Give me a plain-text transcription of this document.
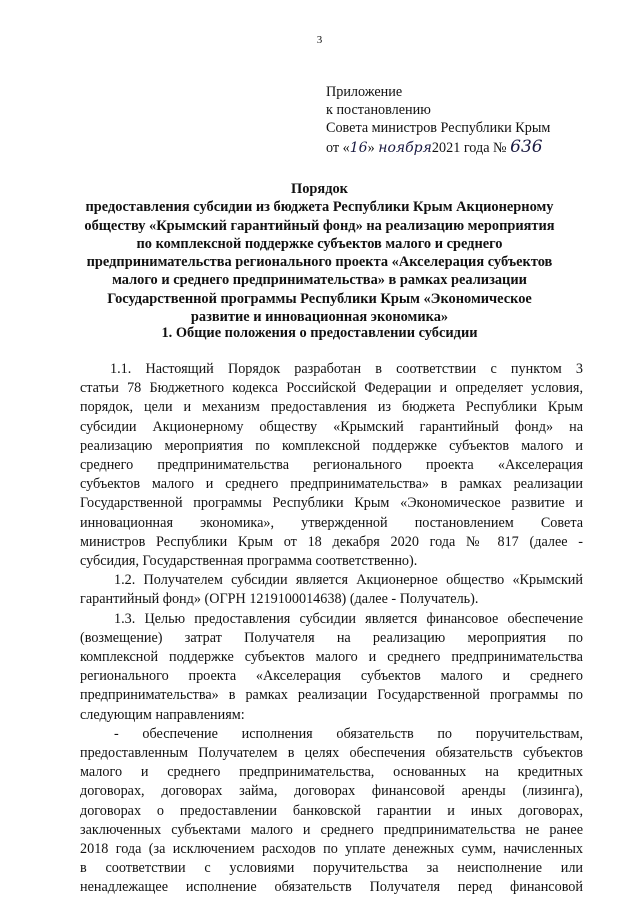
3
Приложение
к постановлению
Совета министров Республики Крым
от «16» ноября2021 года № 636
Порядок
предоставления субсидии из бюджета Республики Крым Акционерному
обществу «Крымский гарантийный фонд» на реализацию мероприятия
по комплексной поддержке субъектов малого и среднего
предпринимательства регионального проекта «Акселерация субъектов
малого и среднего предпринимательства» в рамках реализации
Государственной программы Республики Крым «Экономическое
развитие и инновационная экономика»
1. Общие положения о предоставлении субсидии
1.1. Настоящий Порядок разработан в соответствии с пунктом 3
статьи 78 Бюджетного кодекса Российской Федерации и определяет условия,
порядок, цели и механизм предоставления из бюджета Республики Крым
субсидии Акционерному обществу «Крымский гарантийный фонд» на
реализацию мероприятия по комплексной поддержке субъектов малого и
среднего предпринимательства регионального проекта «Акселерация
субъектов малого и среднего предпринимательства» в рамках реализации
Государственной программы Республики Крым «Экономическое развитие и
инновационная экономика», утвержденной постановлением Совета
министров Республики Крым от 18 декабря 2020 года № 817 (далее -
субсидия, Государственная программа соответственно).
1.2. Получателем субсидии является Акционерное общество «Крымский
гарантийный фонд» (ОГРН 1219100014638) (далее - Получатель).
1.3. Целью предоставления субсидии является финансовое обеспечение
(возмещение) затрат Получателя на реализацию мероприятия по
комплексной поддержке субъектов малого и среднего предпринимательства
регионального проекта «Акселерация субъектов малого и среднего
предпринимательства» в рамках реализации Государственной программы по
следующим направлениям:
- обеспечение исполнения обязательств по поручительствам,
предоставленным Получателем в целях обеспечения обязательств субъектов
малого и среднего предпринимательства, основанных на кредитных
договорах, договорах займа, договорах финансовой аренды (лизинга),
договорах о предоставлении банковской гарантии и иных договорах,
заключенных субъектами малого и среднего предпринимательства не ранее
2018 года (за исключением расходов по уплате денежных сумм, начисленных
в соответствии с условиями поручительства за неисполнение или
ненадлежащее исполнение обязательств Получателя перед финансовой
